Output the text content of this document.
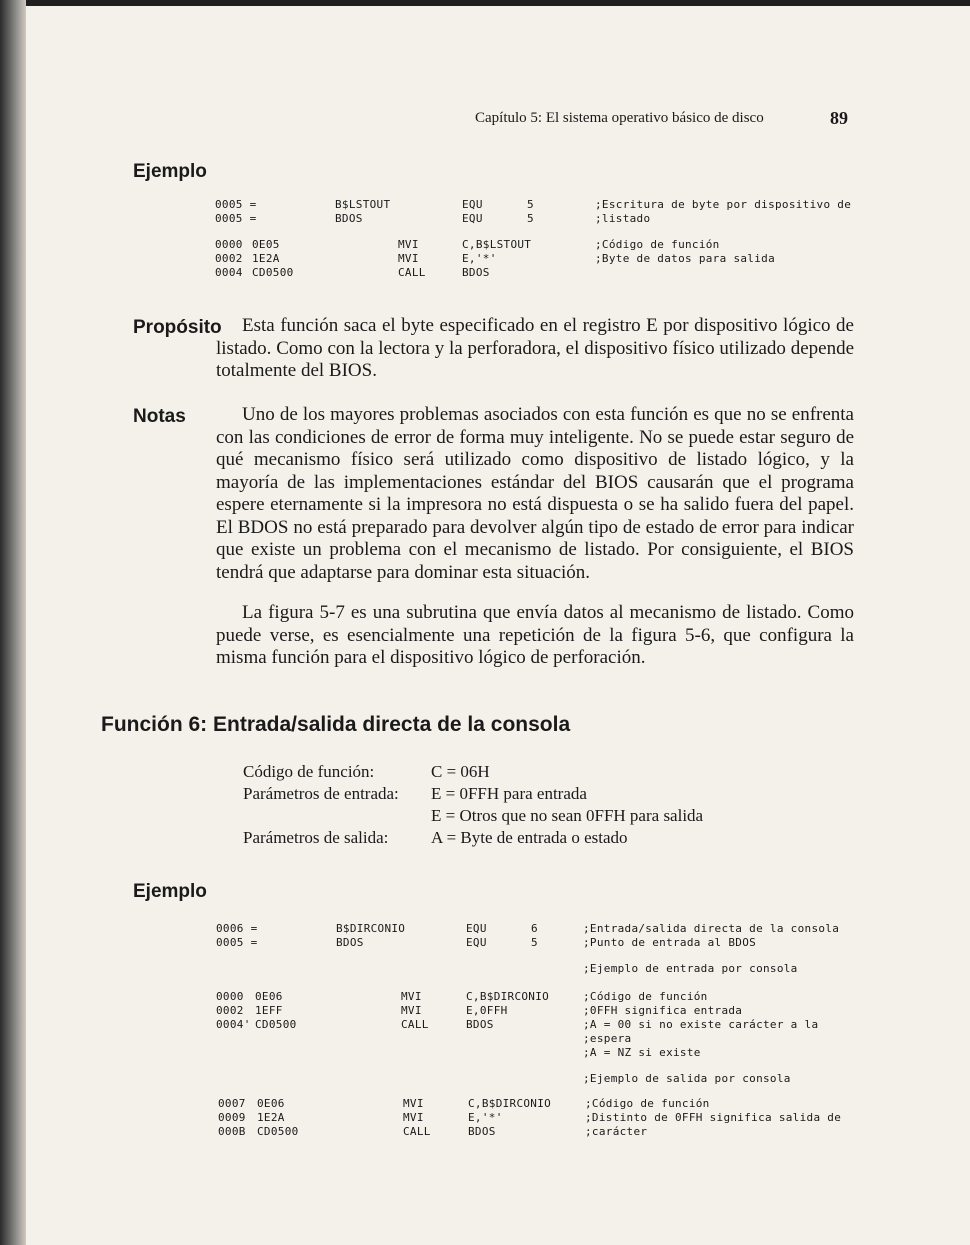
Capítulo 5: El sistema operativo básico de disco	89
Ejemplo
0005 =	B$LSTOUT	EQU	5	;Escritura de byte por dispositivo de
0005 =	BDOS	EQU	5	;listado
0000 0E05	MVI	C,B$LSTOUT	;Código de función
0002 1E2A	MVI	E,'*'	;Byte de datos para salida
0004 CD0500	CALL	BDOS
Propósito	Esta función saca el byte especificado en el registro E por dispositivo lógico de listado. Como con la lectora y la perforadora, el dispositivo físico utilizado depende totalmente del BIOS.
Notas	Uno de los mayores problemas asociados con esta función es que no se enfrenta con las condiciones de error de forma muy inteligente. No se puede estar seguro de qué mecanismo físico será utilizado como dispositivo de listado lógico, y la mayoría de las implementaciones estándar del BIOS causarán que el programa espere eternamente si la impresora no está dispuesta o se ha salido fuera del papel. El BDOS no está preparado para devolver algún tipo de estado de error para indicar que existe un problema con el mecanismo de listado. Por consiguiente, el BIOS tendrá que adaptarse para dominar esta situación.
La figura 5-7 es una subrutina que envía datos al mecanismo de listado. Como puede verse, es esencialmente una repetición de la figura 5-6, que configura la misma función para el dispositivo lógico de perforación.
Función 6: Entrada/salida directa de la consola
Código de función:	C = 06H
Parámetros de entrada: E = 0FFH para entrada
E = Otros que no sean 0FFH para salida
Parámetros de salida:	A = Byte de entrada o estado
Ejemplo
0006 =	B$DIRCONIO	EQU	6	;Entrada/salida directa de la consola
0005 =	BDOS	EQU	5	;Punto de entrada al BDOS
;Ejemplo de entrada por consola
0000 0E06	MVI	C,B$DIRCONIO	;Código de función
0002 1EFF	MVI	E,0FFH	;0FFH significa entrada
0004' CD0500	CALL	BDOS	;A = 00 si no existe carácter a la
;espera
;A = NZ si existe
;Ejemplo de salida por consola
0007 0E06	MVI	C,B$DIRCONIO	;Código de función
0009 1E2A	MVI	E,'*'	;Distinto de 0FFH significa salida de
000B CD0500	CALL	BDOS	;carácter
